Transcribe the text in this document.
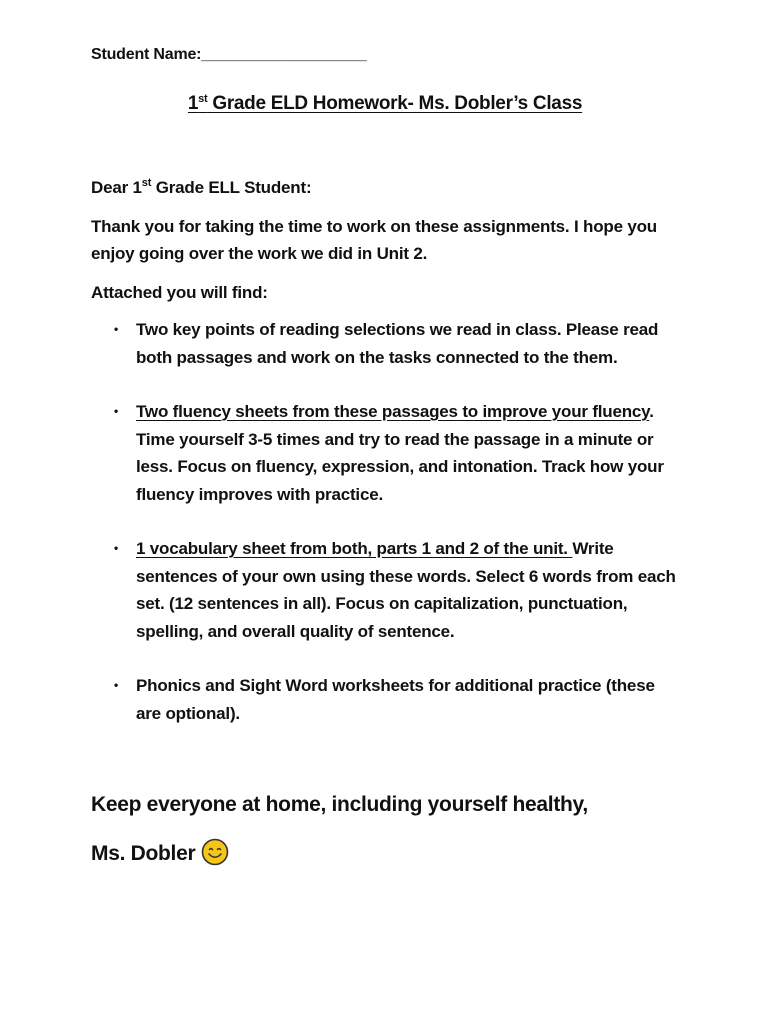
Student Name:___________________
1st Grade ELD Homework- Ms. Dobler’s Class
Dear 1st Grade ELL Student:
Thank you for taking the time to work on these assignments. I hope you enjoy going over the work we did in Unit 2.
Attached you will find:
• Two key points of reading selections we read in class. Please read both passages and work on the tasks connected to the them.
• Two fluency sheets from these passages to improve your fluency. Time yourself 3-5 times and try to read the passage in a minute or less. Focus on fluency, expression, and intonation. Track how your fluency improves with practice.
• 1 vocabulary sheet from both, parts 1 and 2 of the unit. Write sentences of your own using these words. Select 6 words from each set. (12 sentences in all). Focus on capitalization, punctuation, spelling, and overall quality of sentence.
• Phonics and Sight Word worksheets for additional practice (these are optional).
Keep everyone at home, including yourself healthy,
Ms. Dobler
